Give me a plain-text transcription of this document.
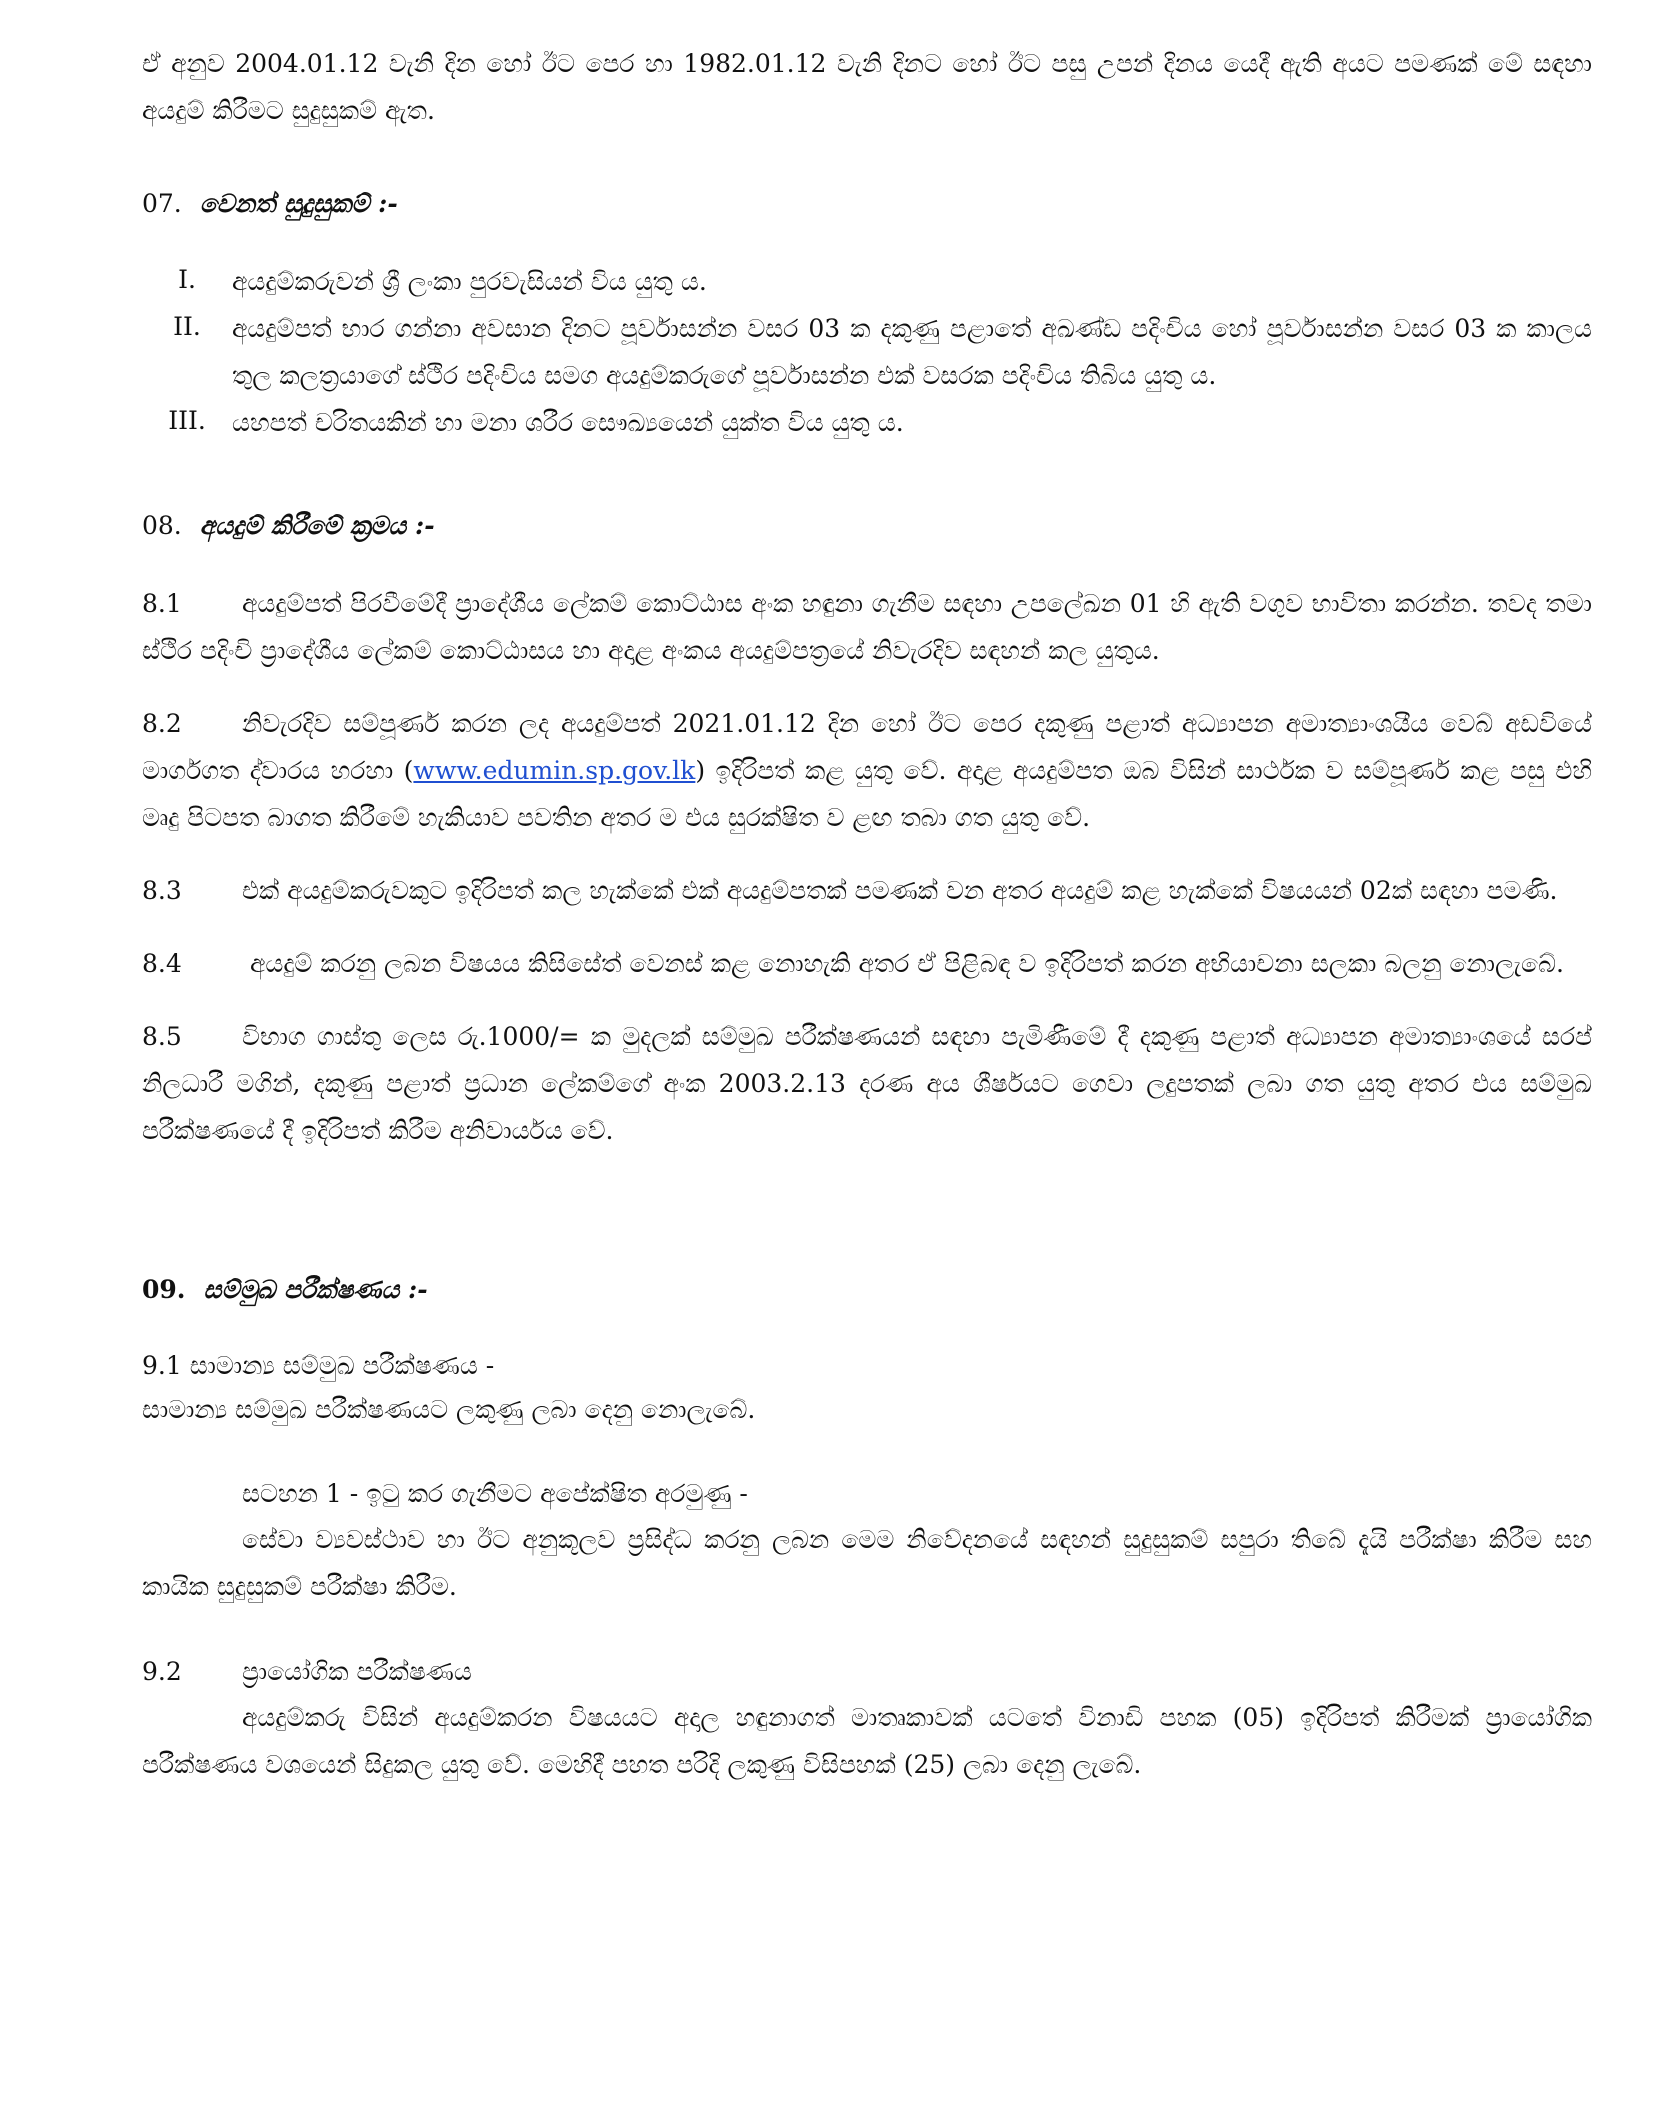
ඒ අනුව 2004.01.12 වැනි දින හෝ ඊට පෙර හා 1982.01.12 වැනි දිනට හෝ ඊට පසු උපන් දිනය යෙදී ඇති අයට පමණක් මේ සඳහා අයදුම් කිරීමට සුදුසුකම් ඇත.

07. වෙනත් සුදුසුකම් :-
I.	අයදුම්කරුවන් ශ්‍රී ලංකා පුරවැසියන් විය යුතු ය.
II.	අයදුම්පත් භාර ගන්නා අවසාන දිනට පූර්වාසන්න වසර 03 ක දකුණු පළාතේ අඛණ්ඩ පදිංචිය හෝ පූර්වාසන්න වසර 03 ක කාලය තුල කලත්‍රයාගේ ස්ථිර පදිංචිය සමග අයදුම්කරුගේ පූර්වාසන්න එක් වසරක පදිංචිය තිබිය යුතු ය.
III.	යහපත් චරිතයකින් හා මනා ශරීර සෞඛ්‍යයෙන් යුක්ත විය යුතු ය.
08. අයදුම් කිරීමේ ක්‍රමය :-

8.1 අයදුම්පත් පිරවීමේදී ප්‍රාදේශීය ලේකම් කොට්ඨාස අංක හඳුනා ගැනීම සඳහා උපලේඛන 01 හි ඇති වගුව භාවිතා කරන්න. තවද තමා ස්ථිර පදිංචි ප්‍රාදේශීය ලේකම් කොට්ඨාසය හා අදාළ අංකය අයදුම්පත්‍රයේ නිවැරදිව සඳහන් කල යුතුය.

8.2 නිවැරදිව සම්පූර්ණ කරන ලද අයදුම්පත් 2021.01.12 දින හෝ ඊට පෙර දකුණු පළාත් අධ්‍යාපන අමාත්‍යාංශයීය වෙබ් අඩවියේ මාර්ගගත ද්වාරය හරහා (www.edumin.sp.gov.lk) ඉදිරිපත් කළ යුතු වේ. අදාළ අයදුම්පත ඔබ විසින් සාර්ථක ව සම්පූර්ණ කළ පසු එහි මෘදු පිටපත බාගත කිරීමේ හැකියාව පවතින අතර ම එය සුරක්ෂිත ව ළඟ තබා ගත යුතු වේ.

8.3 එක් අයදුම්කරුවකුට ඉදිරිපත් කල හැක්කේ එක් අයදුම්පතක් පමණක් වන අතර අයදුම් කළ හැක්කේ විෂයයන් 02ක් සඳහා පමණි.

8.4 අයදුම් කරනු ලබන විෂයය කිසිසේත් වෙනස් කළ නොහැකි අතර ඒ පිළිබඳ ව ඉදිරිපත් කරන අභියාචනා සලකා බලනු නොලැබේ.

8.5 විභාග ගාස්තු ලෙස රු.1000/= ක මුදලක් සම්මුඛ පරීක්ෂණයන් සඳහා පැමිණීමේ දී දකුණු පළාත් අධ්‍යාපන අමාත්‍යාංශයේ සරප් නිලධාරී මගින්, දකුණු පළාත් ප්‍රධාන ලේකම්ගේ අංක 2003.2.13 දරණ අය ශීර්ෂයට ගෙවා ලදුපතක් ලබා ගත යුතු අතර එය සම්මුඛ පරීක්ෂණයේ දී ඉදිරිපත් කිරීම අනිවාර්යය වේ.

09. සම්මුඛ පරීක්ෂණය :-

9.1 සාමාන්‍ය සම්මුඛ පරීක්ෂණය -

සාමාන්‍ය සම්මුඛ පරීක්ෂණයට ලකුණු ලබා දෙනු නොලැබේ.

සටහන 1 - ඉටු කර ගැනීමට අපේක්ෂිත අරමුණු -

සේවා ව්‍යවස්ථාව හා ඊට අනුකූලව ප්‍රසිද්ධ කරනු ලබන මෙම නිවේදනයේ සඳහන් සුදුසුකම් සපුරා තිබේ දැයි පරීක්ෂා කිරීම සහ කායික සුදුසුකම් පරීක්ෂා කිරීම.

9.2 ප්‍රායෝගික පරීක්ෂණය

අයදුම්කරු විසින් අයදුම්කරන විෂයයට අදාල හඳුනාගත් මාතෘකාවක් යටතේ විනාඩි පහක (05) ඉදිරිපත් කිරීමක් ප්‍රායෝගික පරීක්ෂණය වශයෙන් සිදුකල යුතු වේ. මෙහිදී පහත පරිදි ලකුණු විසිපහක් (25) ලබා දෙනු ලැබේ.
